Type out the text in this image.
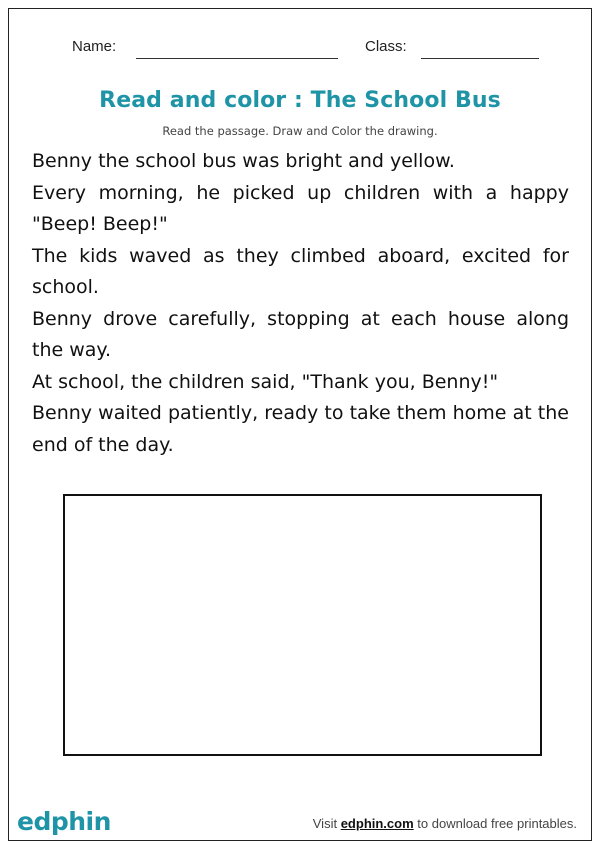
Name:	Class:
Read and color : The School Bus
Read the passage. Draw and Color the drawing.

Benny the school bus was bright and yellow.

Every morning, he picked up children with a happy "Beep! Beep!"

The kids waved as they climbed aboard, excited for school.

Benny drove carefully, stopping at each house along the way.

At school, the children said, "Thank you, Benny!"

Benny waited patiently, ready to take them home at the end of the day.

edphin	Visit edphin.com to download free printables.
